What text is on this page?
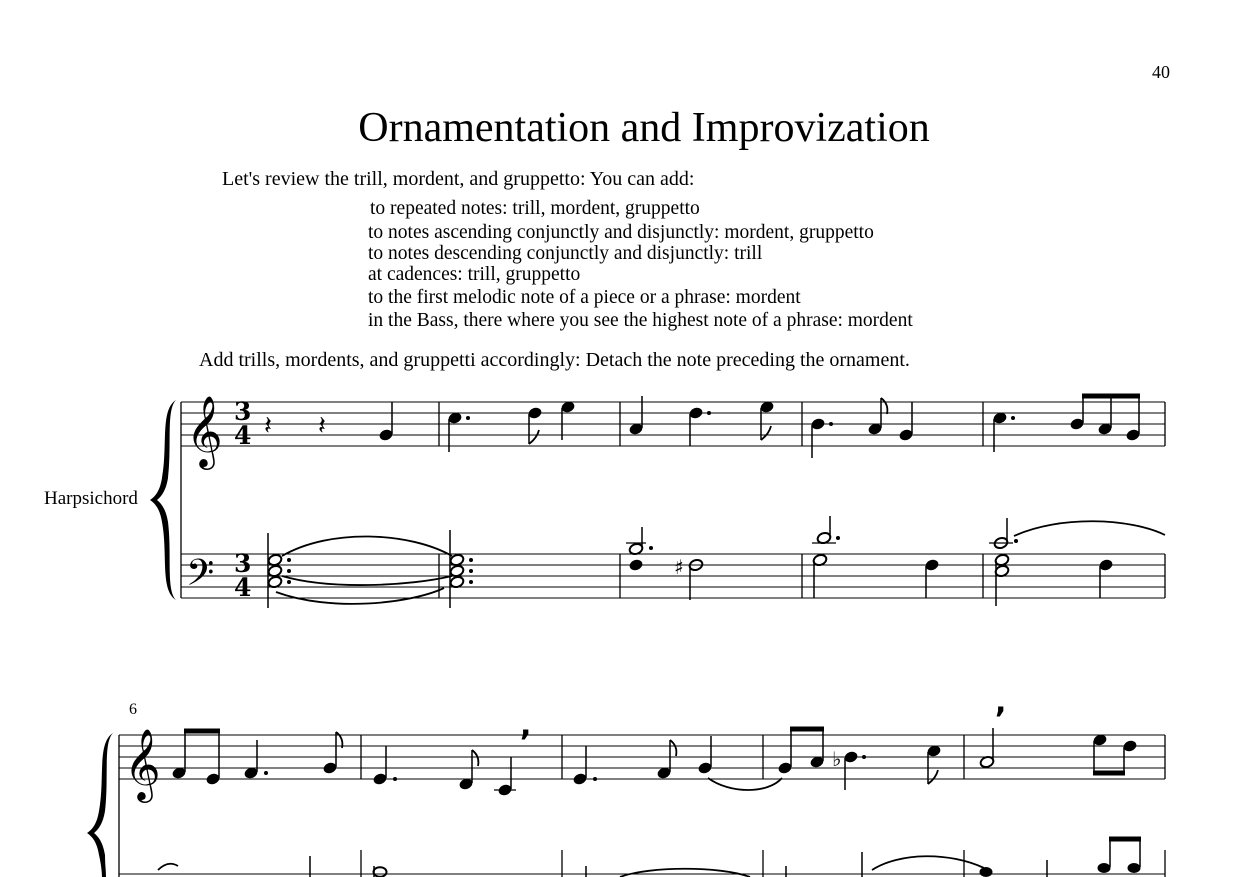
40
Ornamentation and Improvization
Let's review the trill, mordent, and gruppetto: You can add:
to repeated notes: trill, mordent, gruppetto
to notes ascending conjunctly and disjunctly: mordent, gruppetto
to notes descending conjunctly and disjunctly: trill
at cadences: trill, gruppetto
to the first melodic note of a piece or a phrase: mordent
in the Bass, there where you see the highest note of a phrase: mordent
Add trills, mordents, and gruppetti accordingly: Detach the note preceding the ornament.
Harpsichord
6
𝄞
𝄢
3
4
3
4
𝄽 𝄽
♯
𝄞
,
♭
,
